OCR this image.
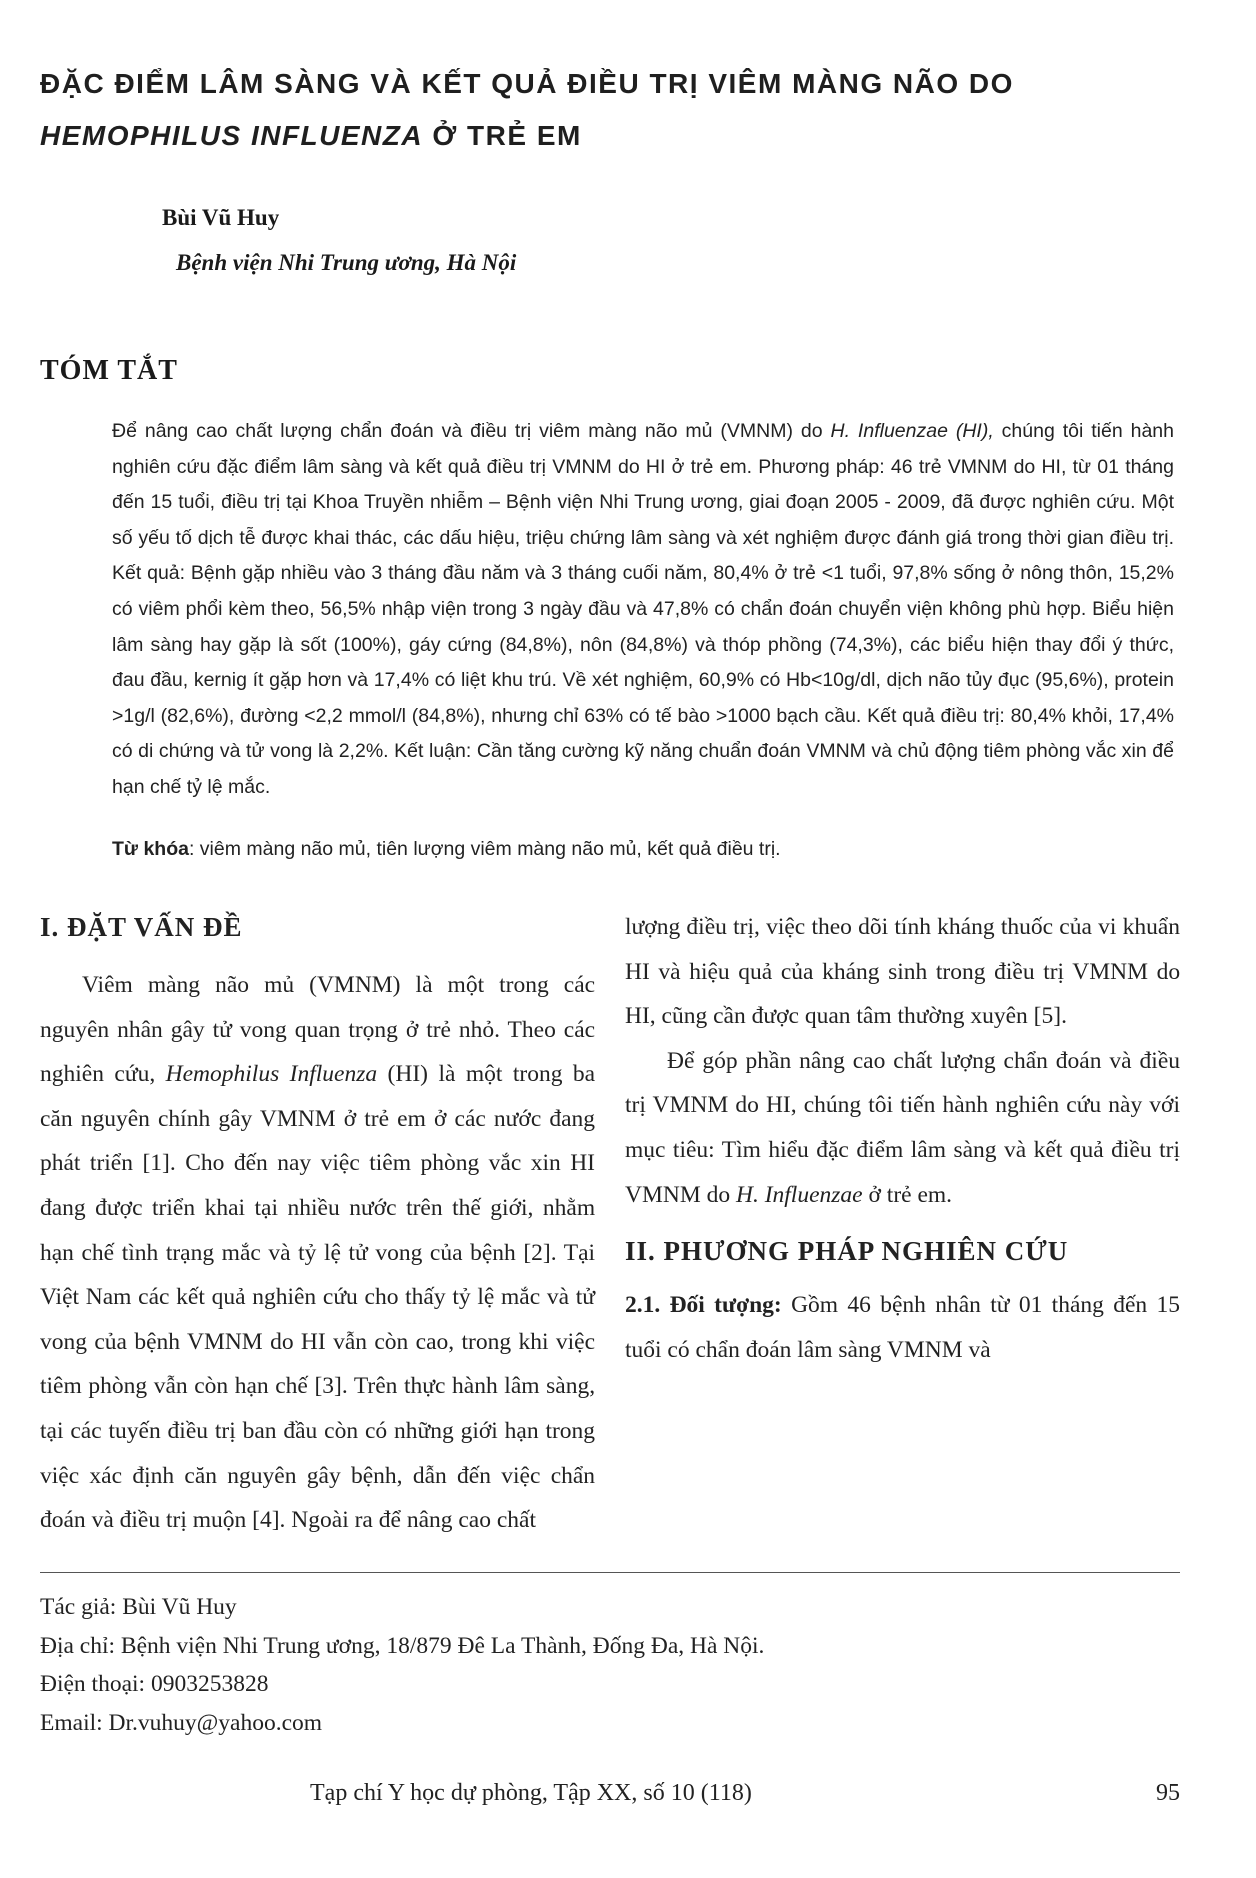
ĐẶC ĐIỂM LÂM SÀNG VÀ KẾT QUẢ ĐIỀU TRỊ VIÊM MÀNG NÃO DO
HEMOPHILUS INFLUENZA Ở TRẺ EM

Bùi Vũ Huy

Bệnh viện Nhi Trung ương, Hà Nội

TÓM TẮT

Để nâng cao chất lượng chẩn đoán và điều trị viêm màng não mủ (VMNM) do H. Influenzae (HI), chúng tôi tiến hành nghiên cứu đặc điểm lâm sàng và kết quả điều trị VMNM do HI ở trẻ em. Phương pháp: 46 trẻ VMNM do HI, từ 01 tháng đến 15 tuổi, điều trị tại Khoa Truyền nhiễm – Bệnh viện Nhi Trung ương, giai đoạn 2005 - 2009, đã được nghiên cứu. Một số yếu tố dịch tễ được khai thác, các dấu hiệu, triệu chứng lâm sàng và xét nghiệm được đánh giá trong thời gian điều trị. Kết quả: Bệnh gặp nhiều vào 3 tháng đầu năm và 3 tháng cuối năm, 80,4% ở trẻ <1 tuổi, 97,8% sống ở nông thôn, 15,2% có viêm phổi kèm theo, 56,5% nhập viện trong 3 ngày đầu và 47,8% có chẩn đoán chuyển viện không phù hợp. Biểu hiện lâm sàng hay gặp là sốt (100%), gáy cứng (84,8%), nôn (84,8%) và thóp phồng (74,3%), các biểu hiện thay đổi ý thức, đau đầu, kernig ít gặp hơn và 17,4% có liệt khu trú. Về xét nghiệm, 60,9% có Hb<10g/dl, dịch não tủy đục (95,6%), protein >1g/l (82,6%), đường <2,2 mmol/l (84,8%), nhưng chỉ 63% có tế bào >1000 bạch cầu. Kết quả điều trị: 80,4% khỏi, 17,4% có di chứng và tử vong là 2,2%. Kết luận: Cần tăng cường kỹ năng chuẩn đoán VMNM và chủ động tiêm phòng vắc xin để hạn chế tỷ lệ mắc.

Từ khóa: viêm màng não mủ, tiên lượng viêm màng não mủ, kết quả điều trị.

I. ĐẶT VẤN ĐỀ

Viêm màng não mủ (VMNM) là một trong các nguyên nhân gây tử vong quan trọng ở trẻ nhỏ. Theo các nghiên cứu, Hemophilus Influenza (HI) là một trong ba căn nguyên chính gây VMNM ở trẻ em ở các nước đang phát triển [1]. Cho đến nay việc tiêm phòng vắc xin HI đang được triển khai tại nhiều nước trên thế giới, nhằm hạn chế tình trạng mắc và tỷ lệ tử vong của bệnh [2]. Tại Việt Nam các kết quả nghiên cứu cho thấy tỷ lệ mắc và tử vong của bệnh VMNM do HI vẫn còn cao, trong khi việc tiêm phòng vẫn còn hạn chế [3]. Trên thực hành lâm sàng, tại các tuyến điều trị ban đầu còn có những giới hạn trong việc xác định căn nguyên gây bệnh, dẫn đến việc chẩn đoán và điều trị muộn [4]. Ngoài ra để nâng cao chất

lượng điều trị, việc theo dõi tính kháng thuốc của vi khuẩn HI và hiệu quả của kháng sinh trong điều trị VMNM do HI, cũng cần được quan tâm thường xuyên [5].

Để góp phần nâng cao chất lượng chẩn đoán và điều trị VMNM do HI, chúng tôi tiến hành nghiên cứu này với mục tiêu: Tìm hiểu đặc điểm lâm sàng và kết quả điều trị VMNM do H. Influenzae ở trẻ em.

II. PHƯƠNG PHÁP NGHIÊN CỨU

2.1. Đối tượng: Gồm 46 bệnh nhân từ 01 tháng đến 15 tuổi có chẩn đoán lâm sàng VMNM và

Tác giả: Bùi Vũ Huy

Địa chỉ: Bệnh viện Nhi Trung ương, 18/879 Đê La Thành, Đống Đa, Hà Nội.

Điện thoại: 0903253828

Email: Dr.vuhuy@yahoo.com

Tạp chí Y học dự phòng, Tập XX, số 10 (118)	95
